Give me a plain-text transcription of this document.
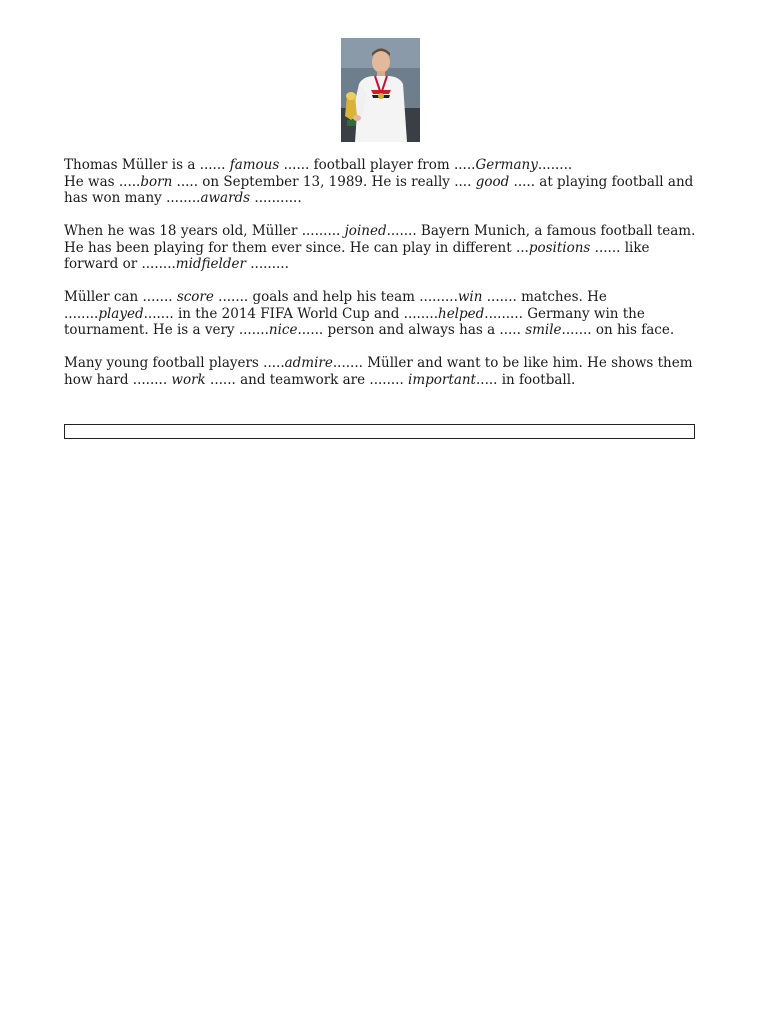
Thomas Müller is a ...... famous ...... football player from .....Germany........
He was .....born ..... on September 13, 1989. He is really .... good ..... at playing football and has won many ........awards ...........

When he was 18 years old, Müller ......... joined....... Bayern Munich, a famous football team. He has been playing for them ever since. He can play in different ...positions ...... like forward or ........midfielder .........

Müller can ....... score ....... goals and help his team .........win ....... matches. He ........played....... in the 2014 FIFA World Cup and ........helped......... Germany win the tournament. He is a very .......nice...... person and always has a ..... smile....... on his face.

Many young football players .....admire....... Müller and want to be like him. He shows them how hard ........ work ...... and teamwork are ........ important..... in football.
